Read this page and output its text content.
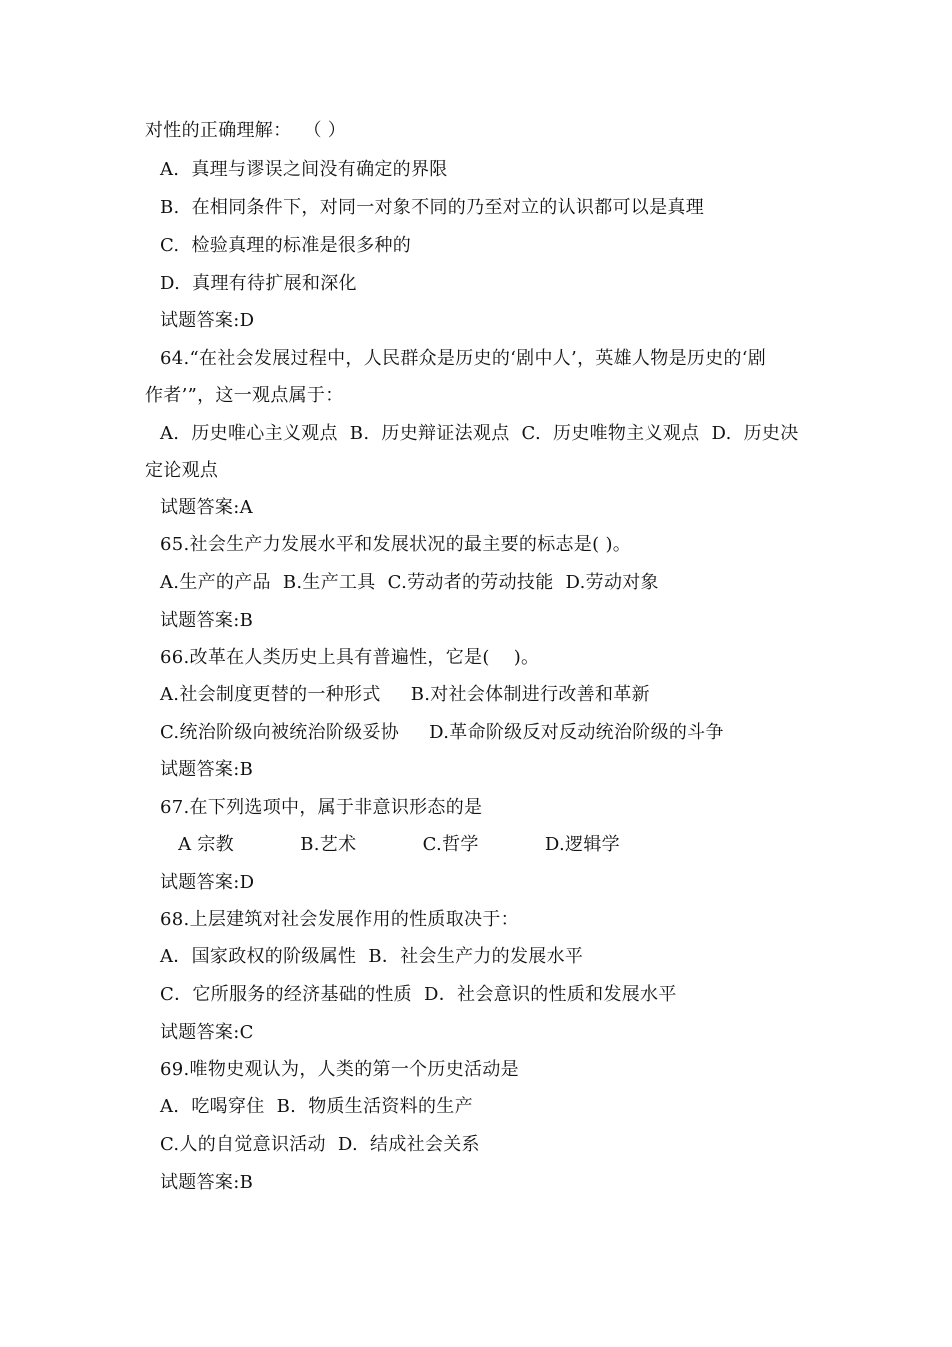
对性的正确理解：  （ ）
A.  真理与谬误之间没有确定的界限
B.  在相同条件下，对同一对象不同的乃至对立的认识都可以是真理
C.  检验真理的标准是很多种的
D.  真理有待扩展和深化
试题答案:D
64.“在社会发展过程中，人民群众是历史的‘剧中人’，英雄人物是历史的‘剧
作者’”，这一观点属于：
A.  历史唯心主义观点  B.  历史辩证法观点  C.  历史唯物主义观点  D.  历史决
定论观点
试题答案:A
65.社会生产力发展水平和发展状况的最主要的标志是( )。
A.生产的产品  B.生产工具  C.劳动者的劳动技能  D.劳动对象
试题答案:B
66.改革在人类历史上具有普遍性，它是(    )。
A.社会制度更替的一种形式     B.对社会体制进行改善和革新
C.统治阶级向被统治阶级妥协     D.革命阶级反对反动统治阶级的斗争
试题答案:B
67.在下列选项中，属于非意识形态的是
A 宗教           B.艺术           C.哲学           D.逻辑学
试题答案:D
68.上层建筑对社会发展作用的性质取决于：
A．国家政权的阶级属性  B．社会生产力的发展水平
C．它所服务的经济基础的性质  D．社会意识的性质和发展水平
试题答案:C
69.唯物史观认为，人类的第一个历史活动是
A.  吃喝穿住  B.  物质生活资料的生产
C.人的自觉意识活动  D.  结成社会关系
试题答案:B
